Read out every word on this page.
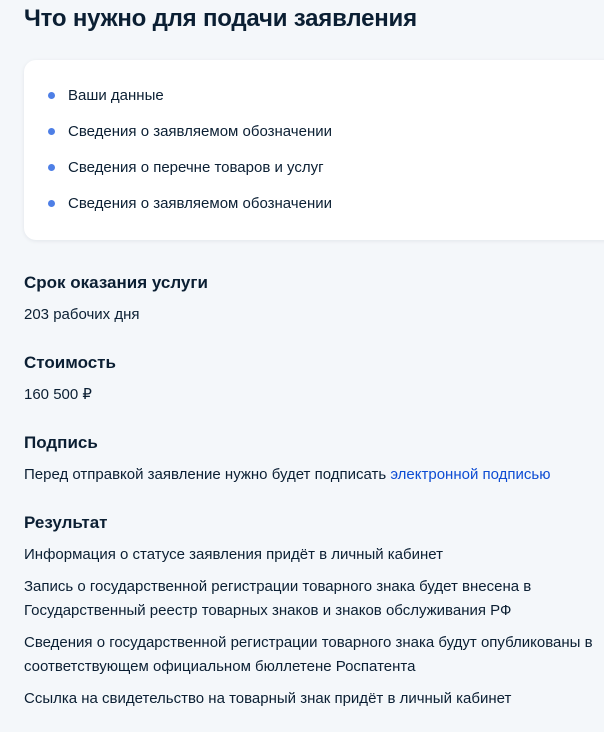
Что нужно для подачи заявления
Ваши данные
Сведения о заявляемом обозначении
Сведения о перечне товаров и услуг
Сведения о заявляемом обозначении
Срок оказания услуги

203 рабочих дня

Стоимость

160 500 ₽

Подпись

Перед отправкой заявление нужно будет подписать электронной подписью

Результат

Информация о статусе заявления придёт в личный кабинет

Запись о государственной регистрации товарного знака будет внесена в Государственный реестр товарных знаков и знаков обслуживания РФ

Сведения о государственной регистрации товарного знака будут опубликованы в соответствующем официальном бюллетене Роспатента

Ссылка на свидетельство на товарный знак придёт в личный кабинет
